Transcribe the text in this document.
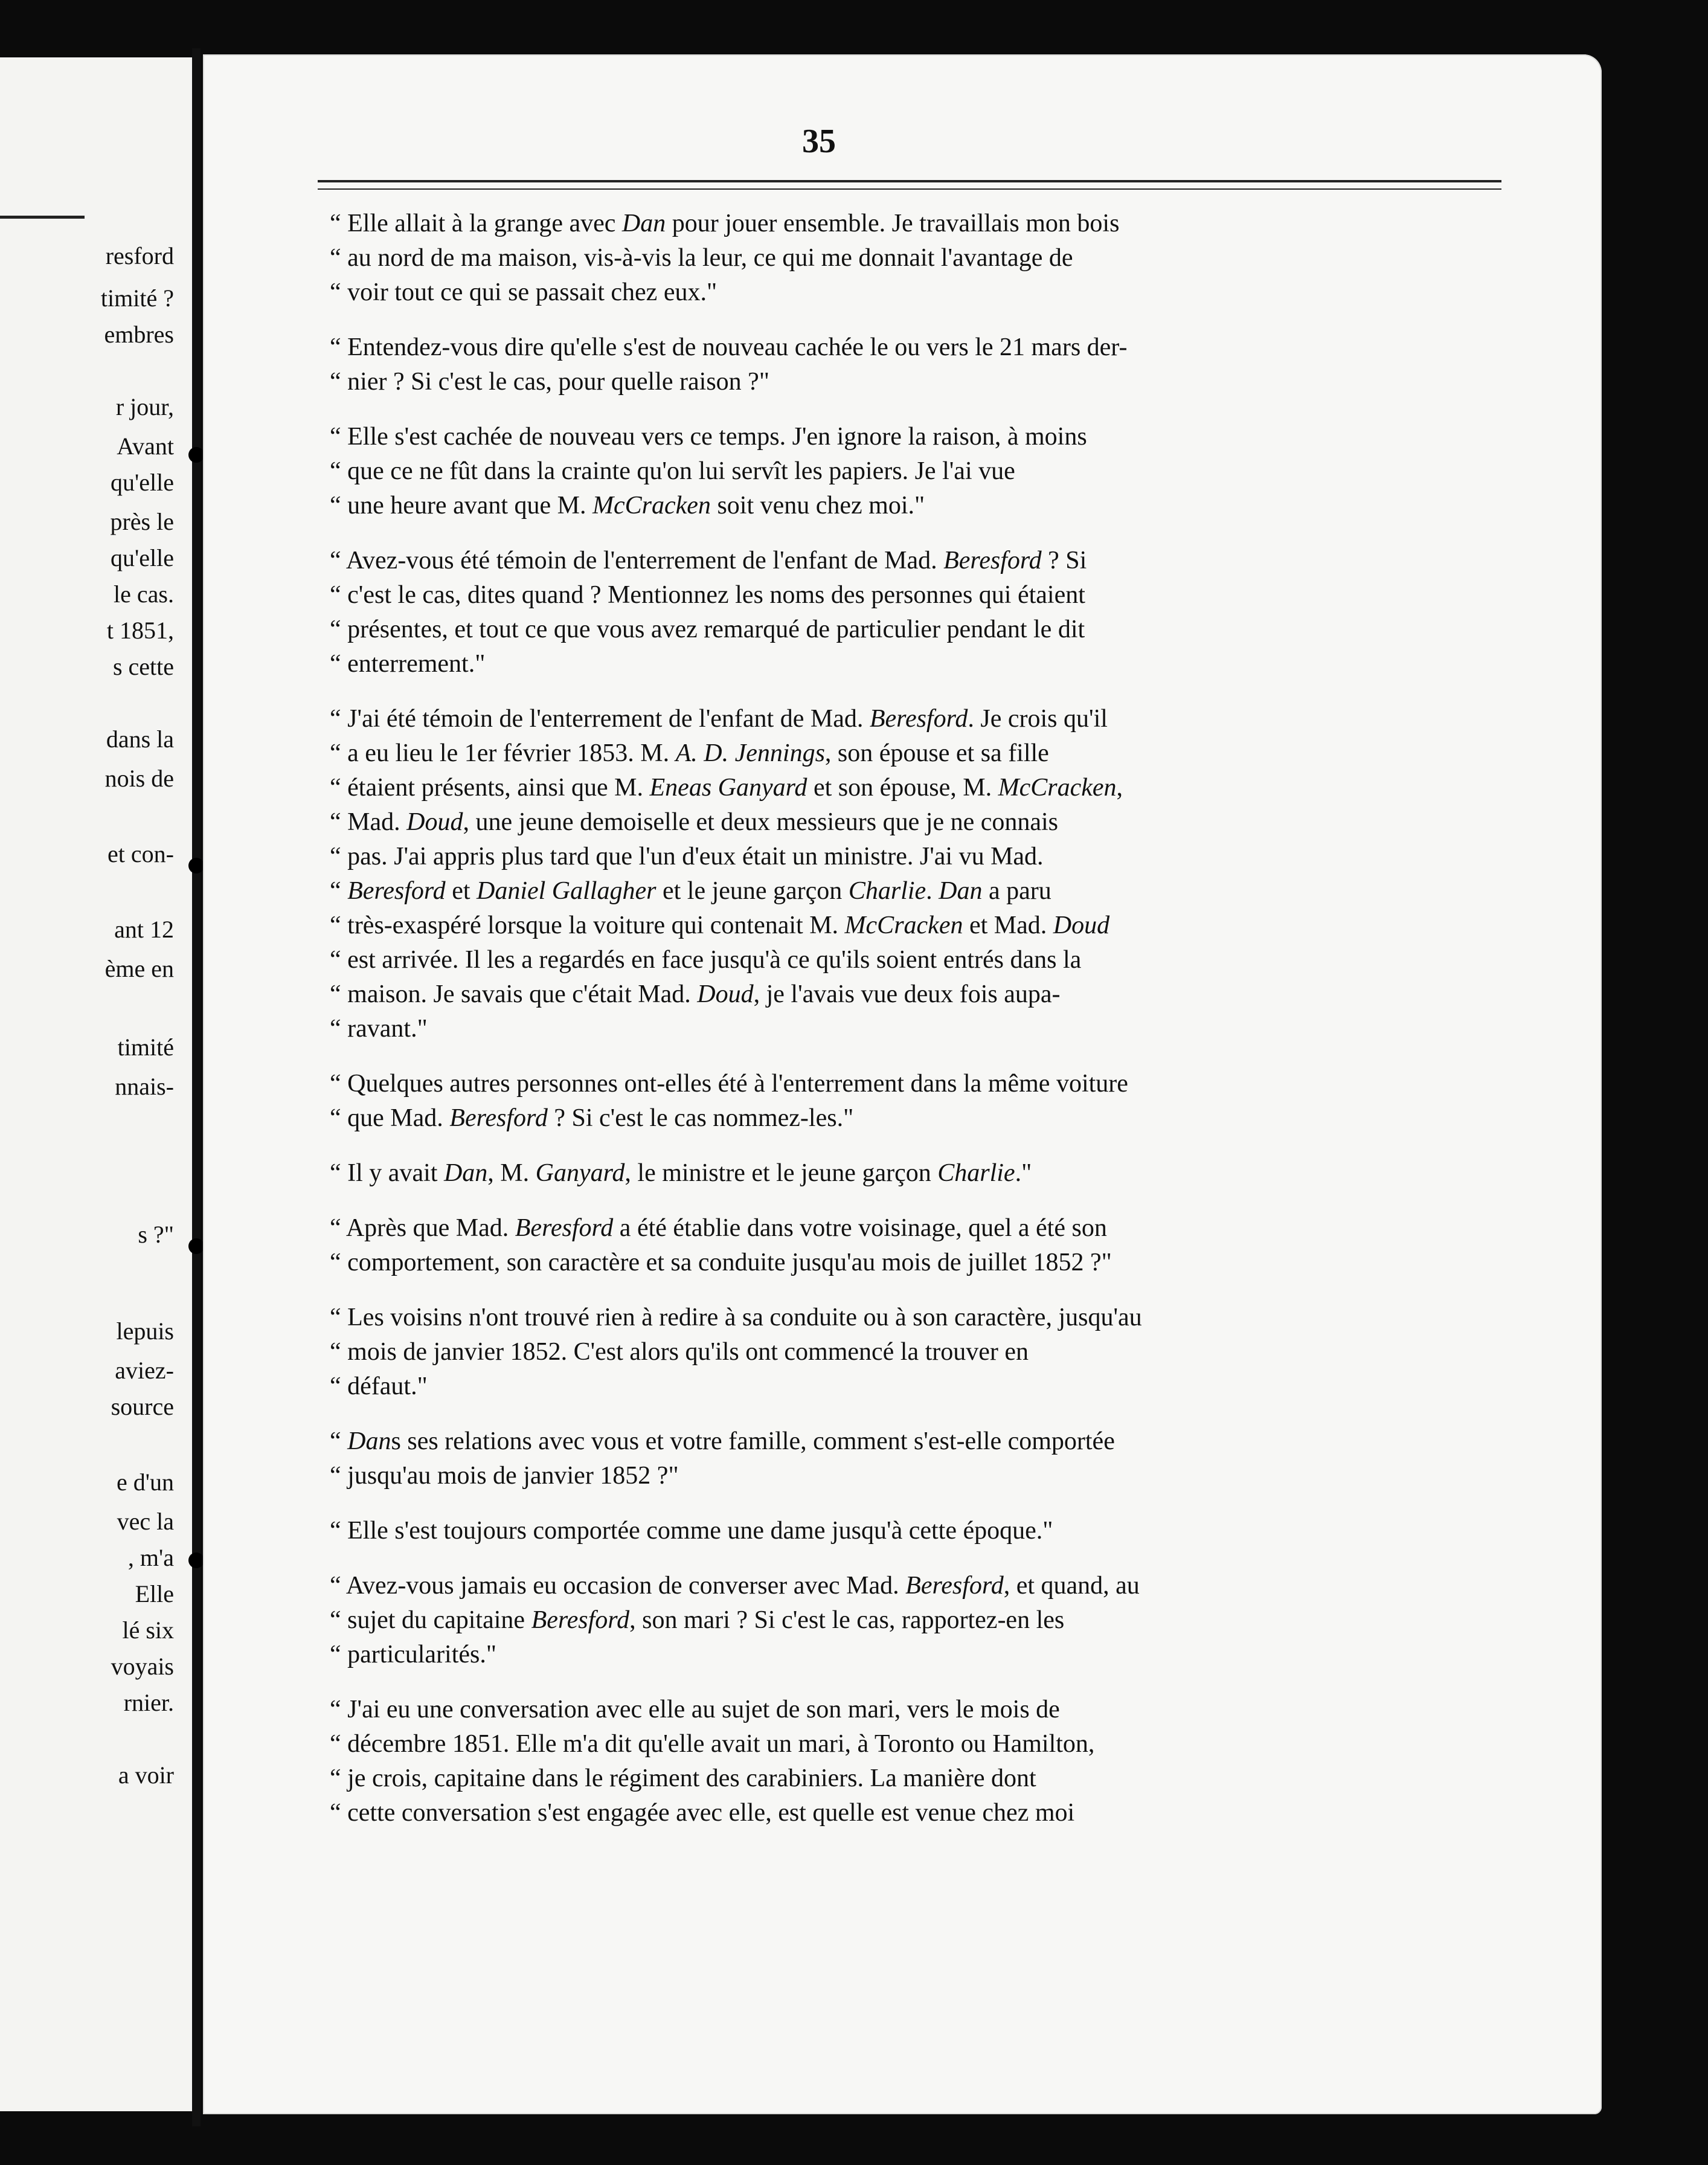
resford
timité ?
embres
r jour,
Avant
qu'elle
près le
qu'elle
le cas.
t 1851,
s cette
dans la
nois de
et con-
ant 12
ème en
timité
nnais-
s ?"
lepuis
aviez-
source
e d'un
vec la
, m'a
Elle
lé six
voyais
rnier.
a voir
35
“ Elle allait à la grange avec Dan pour jouer ensemble. Je travaillais mon bois
“ au nord de ma maison, vis-à-vis la leur, ce qui me donnait l'avantage de
“ voir tout ce qui se passait chez eux."
“ Entendez-vous dire qu'elle s'est de nouveau cachée le ou vers le 21 mars der-
“ nier ? Si c'est le cas, pour quelle raison ?"
“ Elle s'est cachée de nouveau vers ce temps. J'en ignore la raison, à moins
“ que ce ne fût dans la crainte qu'on lui servît les papiers. Je l'ai vue
“ une heure avant que M. McCracken soit venu chez moi."
“ Avez-vous été témoin de l'enterrement de l'enfant de Mad. Beresford ? Si
“ c'est le cas, dites quand ? Mentionnez les noms des personnes qui étaient
“ présentes, et tout ce que vous avez remarqué de particulier pendant le dit
“ enterrement."
“ J'ai été témoin de l'enterrement de l'enfant de Mad. Beresford. Je crois qu'il
“ a eu lieu le 1er février 1853. M. A. D. Jennings, son épouse et sa fille
“ étaient présents, ainsi que M. Eneas Ganyard et son épouse, M. McCracken,
“ Mad. Doud, une jeune demoiselle et deux messieurs que je ne connais
“ pas. J'ai appris plus tard que l'un d'eux était un ministre. J'ai vu Mad.
“ Beresford et Daniel Gallagher et le jeune garçon Charlie. Dan a paru
“ très-exaspéré lorsque la voiture qui contenait M. McCracken et Mad. Doud
“ est arrivée. Il les a regardés en face jusqu'à ce qu'ils soient entrés dans la
“ maison. Je savais que c'était Mad. Doud, je l'avais vue deux fois aupa-
“ ravant."
“ Quelques autres personnes ont-elles été à l'enterrement dans la même voiture
“ que Mad. Beresford ? Si c'est le cas nommez-les."
“ Il y avait Dan, M. Ganyard, le ministre et le jeune garçon Charlie."
“ Après que Mad. Beresford a été établie dans votre voisinage, quel a été son
“ comportement, son caractère et sa conduite jusqu'au mois de juillet 1852 ?"
“ Les voisins n'ont trouvé rien à redire à sa conduite ou à son caractère, jusqu'au
“ mois de janvier 1852. C'est alors qu'ils ont commencé la trouver en
“ défaut."
“ Dans ses relations avec vous et votre famille, comment s'est-elle comportée
“ jusqu'au mois de janvier 1852 ?"
“ Elle s'est toujours comportée comme une dame jusqu'à cette époque."
“ Avez-vous jamais eu occasion de converser avec Mad. Beresford, et quand, au
“ sujet du capitaine Beresford, son mari ? Si c'est le cas, rapportez-en les
“ particularités."
“ J'ai eu une conversation avec elle au sujet de son mari, vers le mois de
“ décembre 1851. Elle m'a dit qu'elle avait un mari, à Toronto ou Hamilton,
“ je crois, capitaine dans le régiment des carabiniers. La manière dont
“ cette conversation s'est engagée avec elle, est quelle est venue chez moi
